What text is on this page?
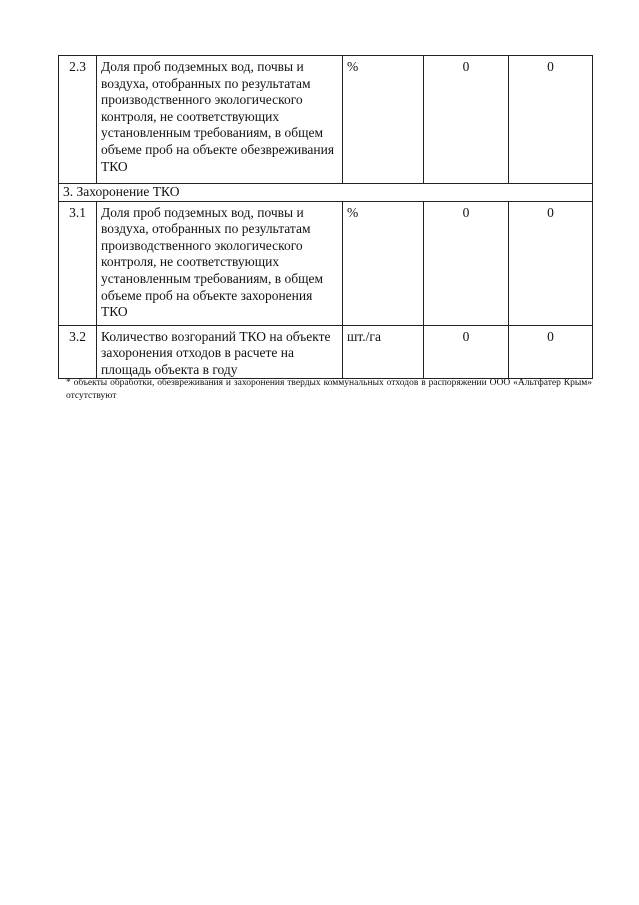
2.3	Доля проб подземных вод, почвы и воздуха, отобранных по результатам производственного экологического контроля, не соответствующих установленным требованиям, в общем объеме проб на объекте обезвреживания ТКО	%	0	0
3. Захоронение ТКО				
3.1	Доля проб подземных вод, почвы и воздуха, отобранных по результатам производственного экологического контроля, не соответствующих установленным требованиям, в общем объеме проб на объекте захоронения ТКО	%	0	0
3.2	Количество возгораний ТКО на объекте захоронения отходов в расчете на площадь объекта в году	шт./га	0	0
* объекты обработки, обезвреживания и захоронения твердых коммунальных отходов в распоряжении ООО «Альтфатер Крым» отсутствуют
